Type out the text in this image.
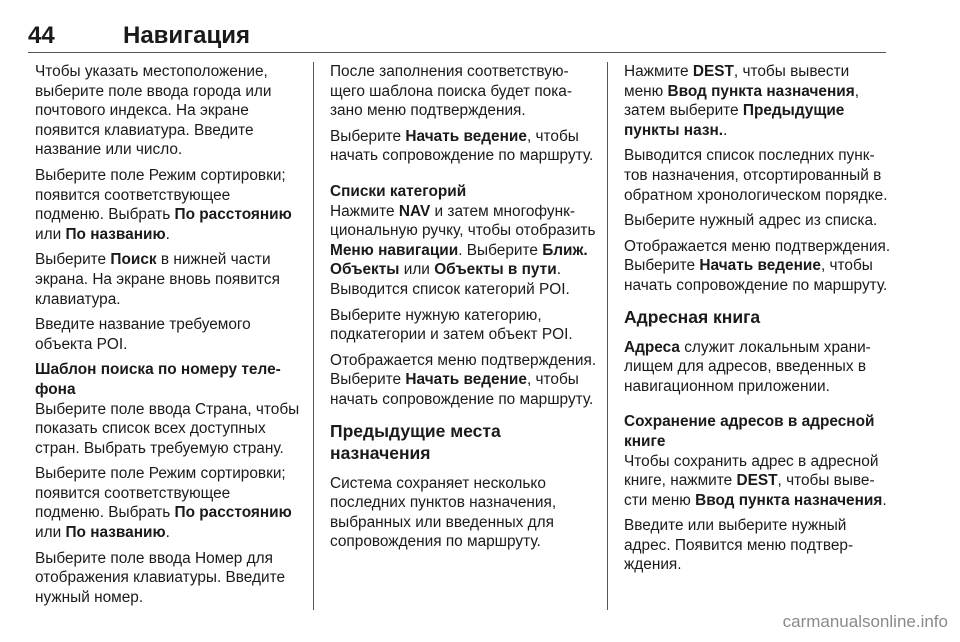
44	Навигация

Чтобы указать местоположение, выберите поле ввода города или почтового индекса. На экране появится клавиатура. Введите название или число.

Выберите поле Режим сортировки; появится соответствующее подменю. Выбрать По расстоянию или По названию.

Выберите Поиск в нижней части экрана. На экране вновь появится клавиатура.

Введите название требуемого объекта POI.

Шаблон поиска по номеру телефона

Выберите поле ввода Страна, чтобы показать список всех доступных стран. Выбрать требуемую страну.

Выберите поле Режим сортировки; появится соответствующее подменю. Выбрать По расстоянию или По названию.

Выберите поле ввода Номер для отображения клавиатуры. Введите нужный номер.

После заполнения соответствующего шаблона поиска будет показано меню подтверждения.

Выберите Начать ведение, чтобы начать сопровождение по маршруту.

Списки категорий

Нажмите NAV и затем многофункциональную ручку, чтобы отобразить Меню навигации. Выберите Ближ. Объекты или Объекты в пути. Выводится список категорий POI.

Выберите нужную категорию, подкатегории и затем объект POI.

Отображается меню подтверждения. Выберите Начать ведение, чтобы начать сопровождение по маршруту.

Предыдущие места назначения

Система сохраняет несколько последних пунктов назначения, выбранных или введенных для сопровождения по маршруту.

Нажмите DEST, чтобы вывести меню Ввод пункта назначения, затем выберите Предыдущие пункты назн..

Выводится список последних пунктов назначения, отсортированный в обратном хронологическом порядке.

Выберите нужный адрес из списка.

Отображается меню подтверждения. Выберите Начать ведение, чтобы начать сопровождение по маршруту.

Адресная книга

Адреса служит локальным хранилищем для адресов, введенных в навигационном приложении.

Сохранение адресов в адресной книге

Чтобы сохранить адрес в адресной книге, нажмите DEST, чтобы вывести меню Ввод пункта назначения.

Введите или выберите нужный адрес. Появится меню подтверждения.

carmanualsonline.info
